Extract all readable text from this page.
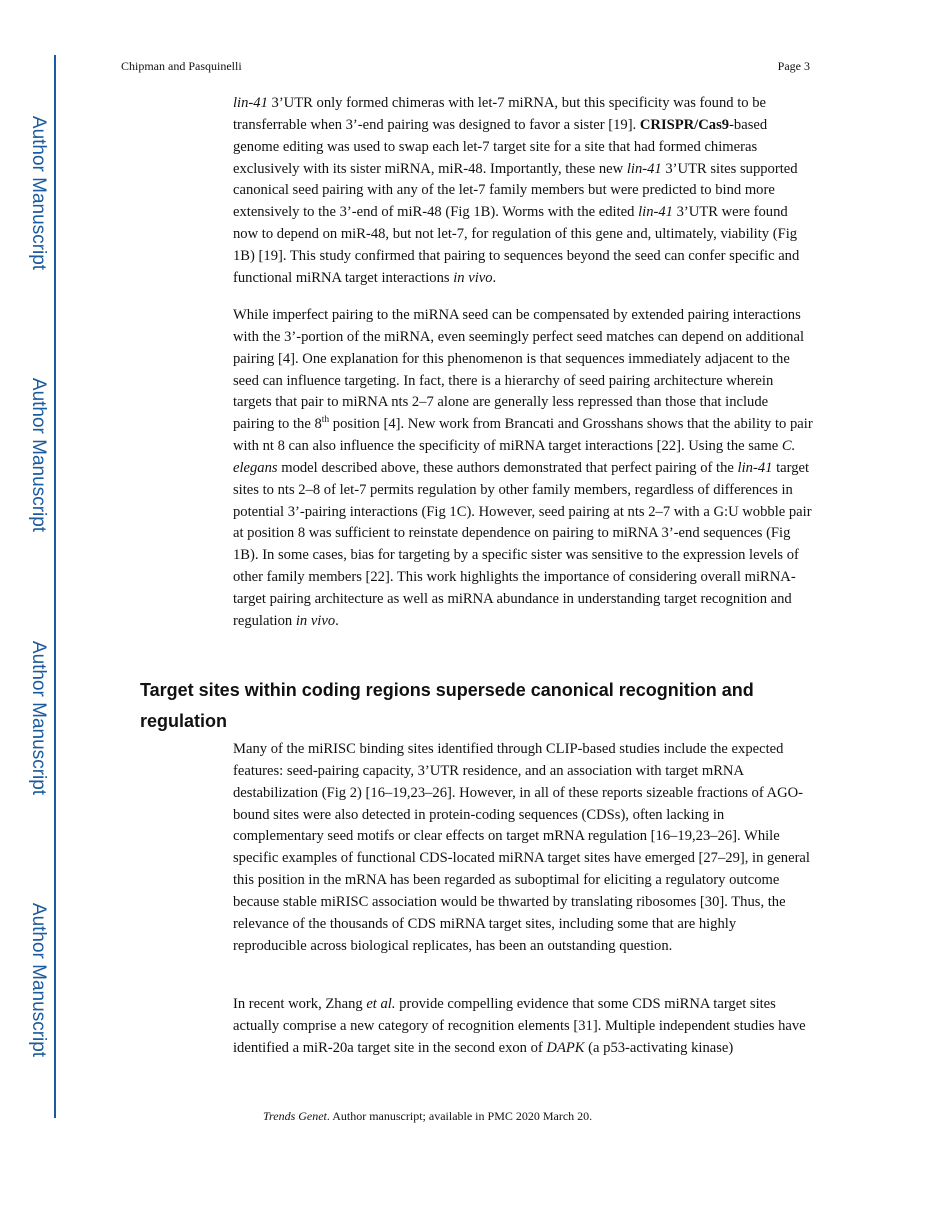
Author Manuscript
Author Manuscript
Author Manuscript
Author Manuscript
Chipman and Pasquinelli	Page 3

lin-41 3’UTR only formed chimeras with let-7 miRNA, but this specificity was found to be transferrable when 3’-end pairing was designed to favor a sister [19]. CRISPR/Cas9-based genome editing was used to swap each let-7 target site for a site that had formed chimeras exclusively with its sister miRNA, miR-48. Importantly, these new lin-41 3’UTR sites supported canonical seed pairing with any of the let-7 family members but were predicted to bind more extensively to the 3’-end of miR-48 (Fig 1B). Worms with the edited lin-41 3’UTR were found now to depend on miR-48, but not let-7, for regulation of this gene and, ultimately, viability (Fig 1B) [19]. This study confirmed that pairing to sequences beyond the seed can confer specific and functional miRNA target interactions in vivo.

While imperfect pairing to the miRNA seed can be compensated by extended pairing interactions with the 3’-portion of the miRNA, even seemingly perfect seed matches can depend on additional pairing [4]. One explanation for this phenomenon is that sequences immediately adjacent to the seed can influence targeting. In fact, there is a hierarchy of seed pairing architecture wherein targets that pair to miRNA nts 2–7 alone are generally less repressed than those that include pairing to the 8th position [4]. New work from Brancati and Grosshans shows that the ability to pair with nt 8 can also influence the specificity of miRNA target interactions [22]. Using the same C. elegans model described above, these authors demonstrated that perfect pairing of the lin-41 target sites to nts 2–8 of let-7 permits regulation by other family members, regardless of differences in potential 3’-pairing interactions (Fig 1C). However, seed pairing at nts 2–7 with a G:U wobble pair at position 8 was sufficient to reinstate dependence on pairing to miRNA 3’-end sequences (Fig 1B). In some cases, bias for targeting by a specific sister was sensitive to the expression levels of other family members [22]. This work highlights the importance of considering overall miRNA-target pairing architecture as well as miRNA abundance in understanding target recognition and regulation in vivo.

Target sites within coding regions supersede canonical recognition and regulation

Many of the miRISC binding sites identified through CLIP-based studies include the expected features: seed-pairing capacity, 3’UTR residence, and an association with target mRNA destabilization (Fig 2) [16–19,23–26]. However, in all of these reports sizeable fractions of AGO-bound sites were also detected in protein-coding sequences (CDSs), often lacking in complementary seed motifs or clear effects on target mRNA regulation [16–19,23–26]. While specific examples of functional CDS-located miRNA target sites have emerged [27–29], in general this position in the mRNA has been regarded as suboptimal for eliciting a regulatory outcome because stable miRISC association would be thwarted by translating ribosomes [30]. Thus, the relevance of the thousands of CDS miRNA target sites, including some that are highly reproducible across biological replicates, has been an outstanding question.

In recent work, Zhang et al. provide compelling evidence that some CDS miRNA target sites actually comprise a new category of recognition elements [31]. Multiple independent studies have identified a miR-20a target site in the second exon of DAPK (a p53-activating kinase)

Trends Genet. Author manuscript; available in PMC 2020 March 20.
